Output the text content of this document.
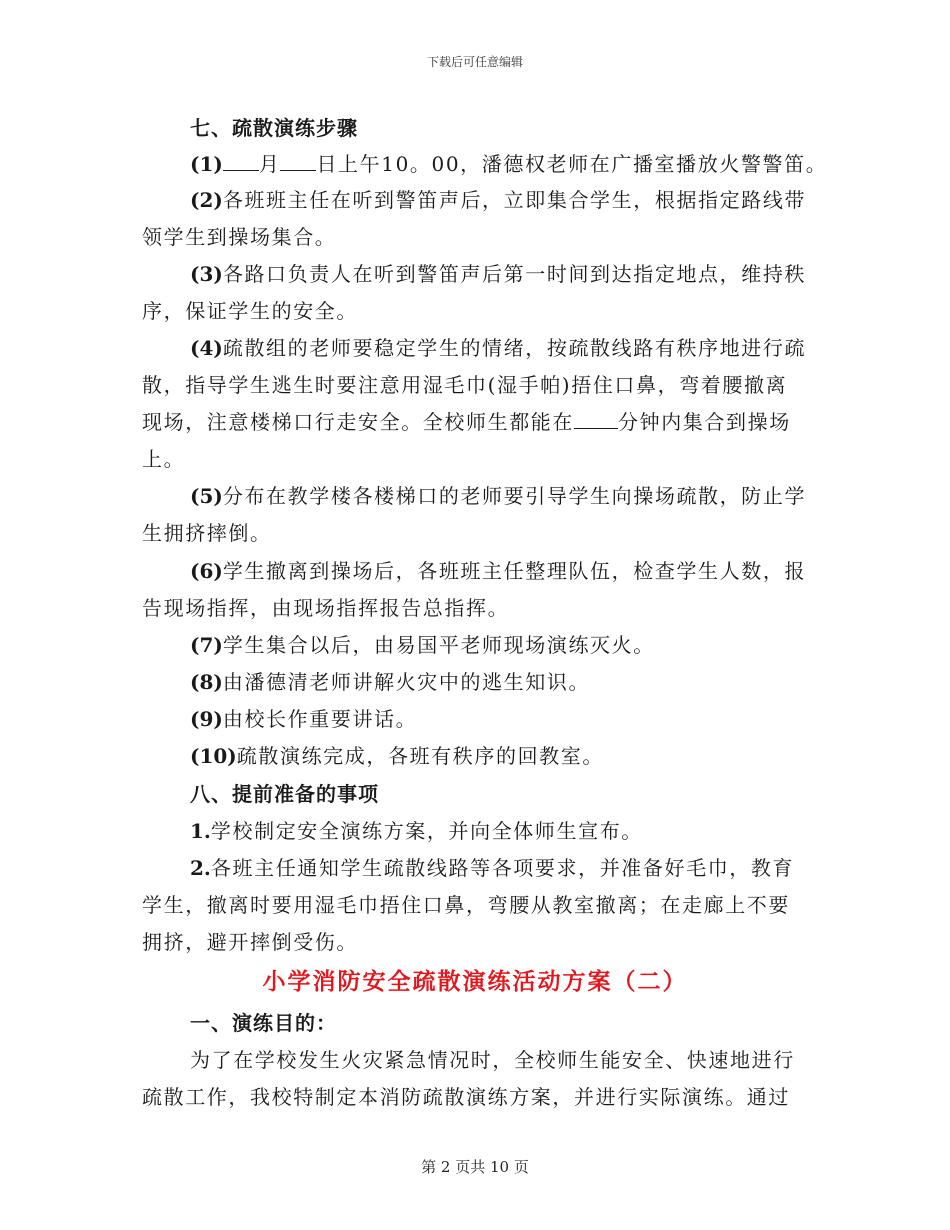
下载后可任意编辑
七、疏散演练步骤
(1) 月 日上午10。00，潘德权老师在广播室播放火警警笛。
(2)各班班主任在听到警笛声后，立即集合学生，根据指定路线带
领学生到操场集合。
(3)各路口负责人在听到警笛声后第一时间到达指定地点，维持秩
序，保证学生的安全。
(4)疏散组的老师要稳定学生的情绪，按疏散线路有秩序地进行疏
散，指导学生逃生时要注意用湿毛巾(湿手帕)捂住口鼻，弯着腰撤离
现场，注意楼梯口行走安全。全校师生都能在 分钟内集合到操场
上。
(5)分布在教学楼各楼梯口的老师要引导学生向操场疏散，防止学
生拥挤摔倒。
(6)学生撤离到操场后，各班班主任整理队伍，检查学生人数，报
告现场指挥，由现场指挥报告总指挥。
(7)学生集合以后，由易国平老师现场演练灭火。
(8)由潘德清老师讲解火灾中的逃生知识。
(9)由校长作重要讲话。
(10)疏散演练完成，各班有秩序的回教室。
八、提前准备的事项
1.学校制定安全演练方案，并向全体师生宣布。
2.各班主任通知学生疏散线路等各项要求，并准备好毛巾，教育
学生，撤离时要用湿毛巾捂住口鼻，弯腰从教室撤离；在走廊上不要
拥挤，避开摔倒受伤。
小学消防安全疏散演练活动方案（二）
一、演练目的：
为了在学校发生火灾紧急情况时，全校师生能安全、快速地进行
疏散工作，我校特制定本消防疏散演练方案，并进行实际演练。通过
第 2 页共 10 页
